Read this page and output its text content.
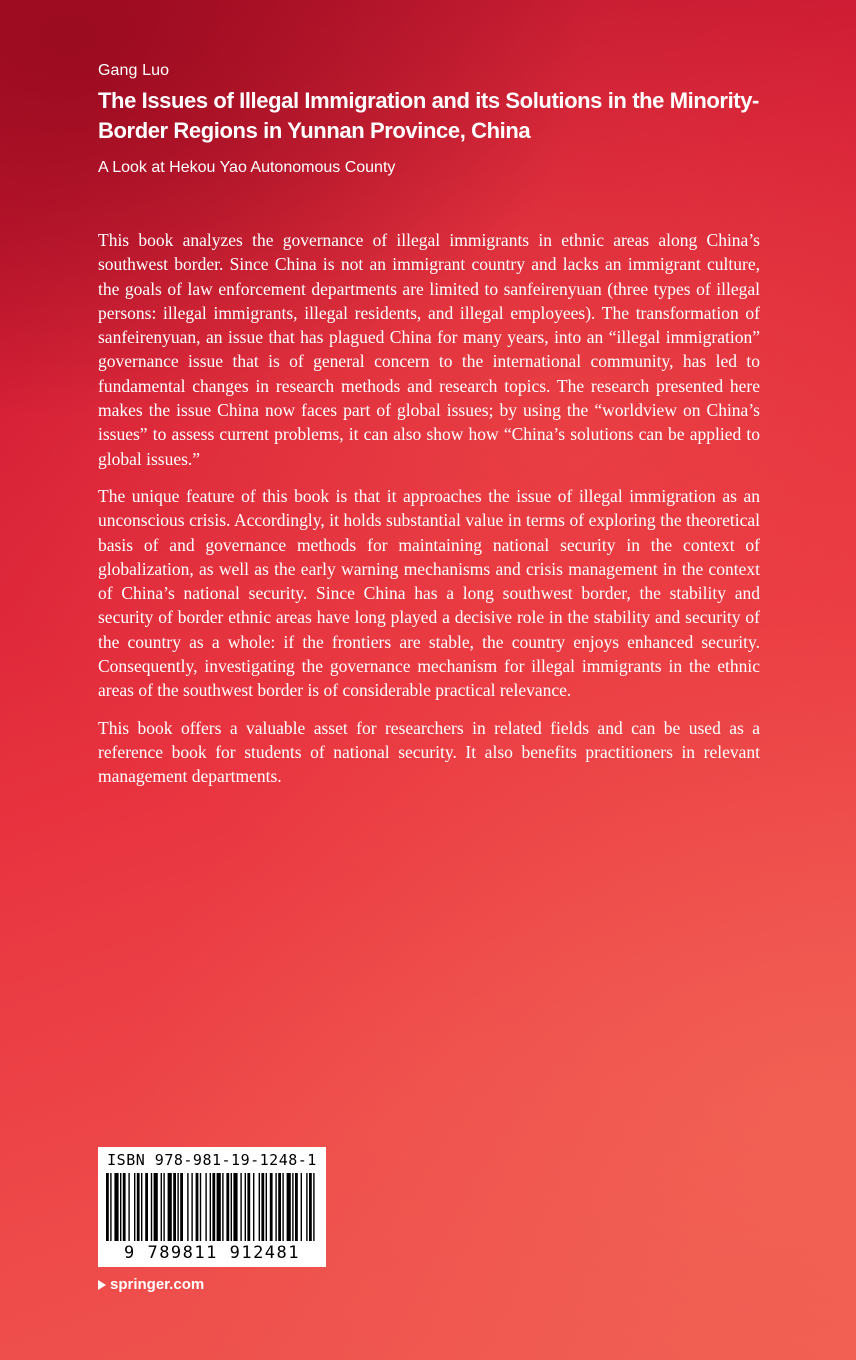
Gang Luo
The Issues of Illegal Immigration and its Solutions in the Minority-
Border Regions in Yunnan Province, China
A Look at Hekou Yao Autonomous County

This book analyzes the governance of illegal immigrants in ethnic areas along China’s southwest border. Since China is not an immigrant country and lacks an immigrant culture, the goals of law enforcement departments are limited to sanfeirenyuan (three types of illegal persons: illegal immigrants, illegal residents, and illegal employees). The transformation of sanfeirenyuan, an issue that has plagued China for many years, into an “illegal immigration” governance issue that is of general concern to the international community, has led to fundamental changes in research methods and research topics. The research presented here makes the issue China now faces part of global issues; by using the “worldview on China’s issues” to assess current problems, it can also show how “China’s solutions can be applied to global issues.”

The unique feature of this book is that it approaches the issue of illegal immigration as an unconscious crisis. Accordingly, it holds substantial value in terms of exploring the theoretical basis of and governance methods for maintaining national security in the context of globalization, as well as the early warning mechanisms and crisis management in the context of China’s national security. Since China has a long southwest border, the stability and security of border ethnic areas have long played a decisive role in the stability and security of the country as a whole: if the frontiers are stable, the country enjoys enhanced security. Consequently, investigating the governance mechanism for illegal immigrants in the ethnic areas of the southwest border is of considerable practical relevance.

This book offers a valuable asset for researchers in related fields and can be used as a reference book for students of national security. It also benefits practitioners in relevant management departments.

ISBN 978-981-19-1248-1
9 789811 912481
springer.com
